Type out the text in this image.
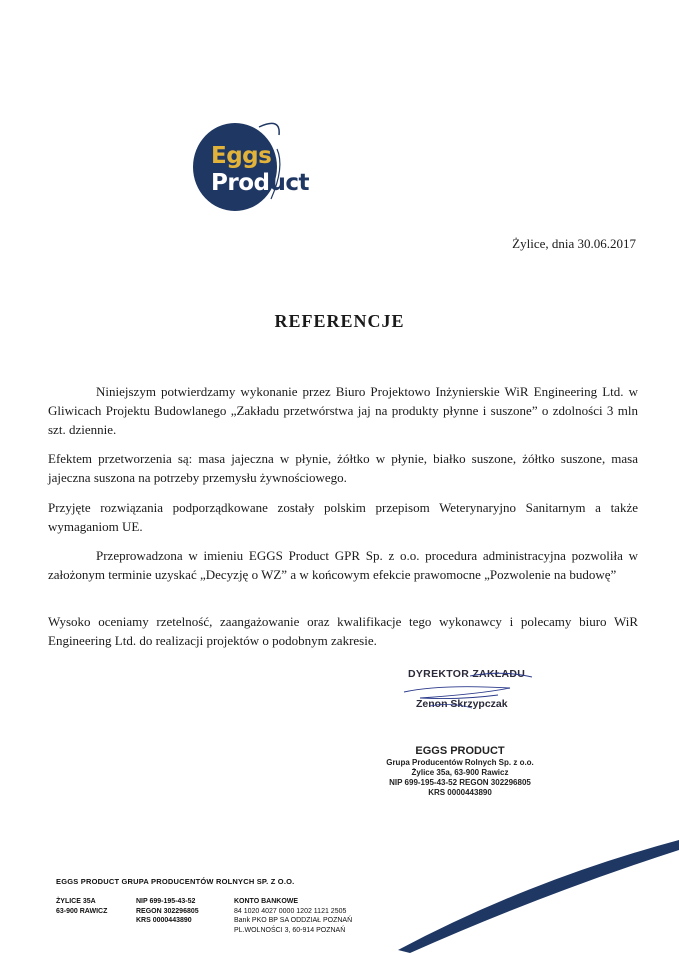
Eggs
Product
Żylice, dnia 30.06.2017
REFERENCJE
Niniejszym potwierdzamy wykonanie przez Biuro Projektowo Inżynierskie WiR Engineering Ltd. w Gliwicach Projektu Budowlanego „Zakładu przetwórstwa jaj na produkty płynne i suszone” o zdolności 3 mln szt. dziennie.
Efektem przetworzenia są: masa jajeczna w płynie, żółtko w płynie, białko suszone, żółtko suszone, masa jajeczna suszona na potrzeby przemysłu żywnościowego.
Przyjęte rozwiązania podporządkowane zostały polskim przepisom Weterynaryjno Sanitarnym a także wymaganiom UE.
Przeprowadzona w imieniu EGGS Product GPR Sp. z o.o. procedura administracyjna pozwoliła w założonym terminie uzyskać „Decyzję o WZ” a w końcowym efekcie prawomocne „Pozwolenie na budowę”
Wysoko oceniamy rzetelność, zaangażowanie oraz kwalifikacje tego wykonawcy i polecamy biuro WiR Engineering Ltd. do realizacji projektów o podobnym zakresie.
DYREKTOR ZAKŁADU
Zenon Skrzypczak
EGGS PRODUCT
Grupa Producentów Rolnych Sp. z o.o.
Żylice 35a, 63-900 Rawicz
NIP 699-195-43-52 REGON 302296805
KRS 0000443890
EGGS PRODUCT GRUPA PRODUCENTÓW ROLNYCH SP. Z O.O.
ŻYLICE 35A
63-900 RAWICZ
NIP 699-195-43-52
REGON 302296805
KRS 0000443890
KONTO BANKOWE
84 1020 4027 0000 1202 1121 2505
Bank PKO BP SA ODDZIAŁ POZNAŃ
PL.WOLNOŚCI 3, 60-914 POZNAŃ
